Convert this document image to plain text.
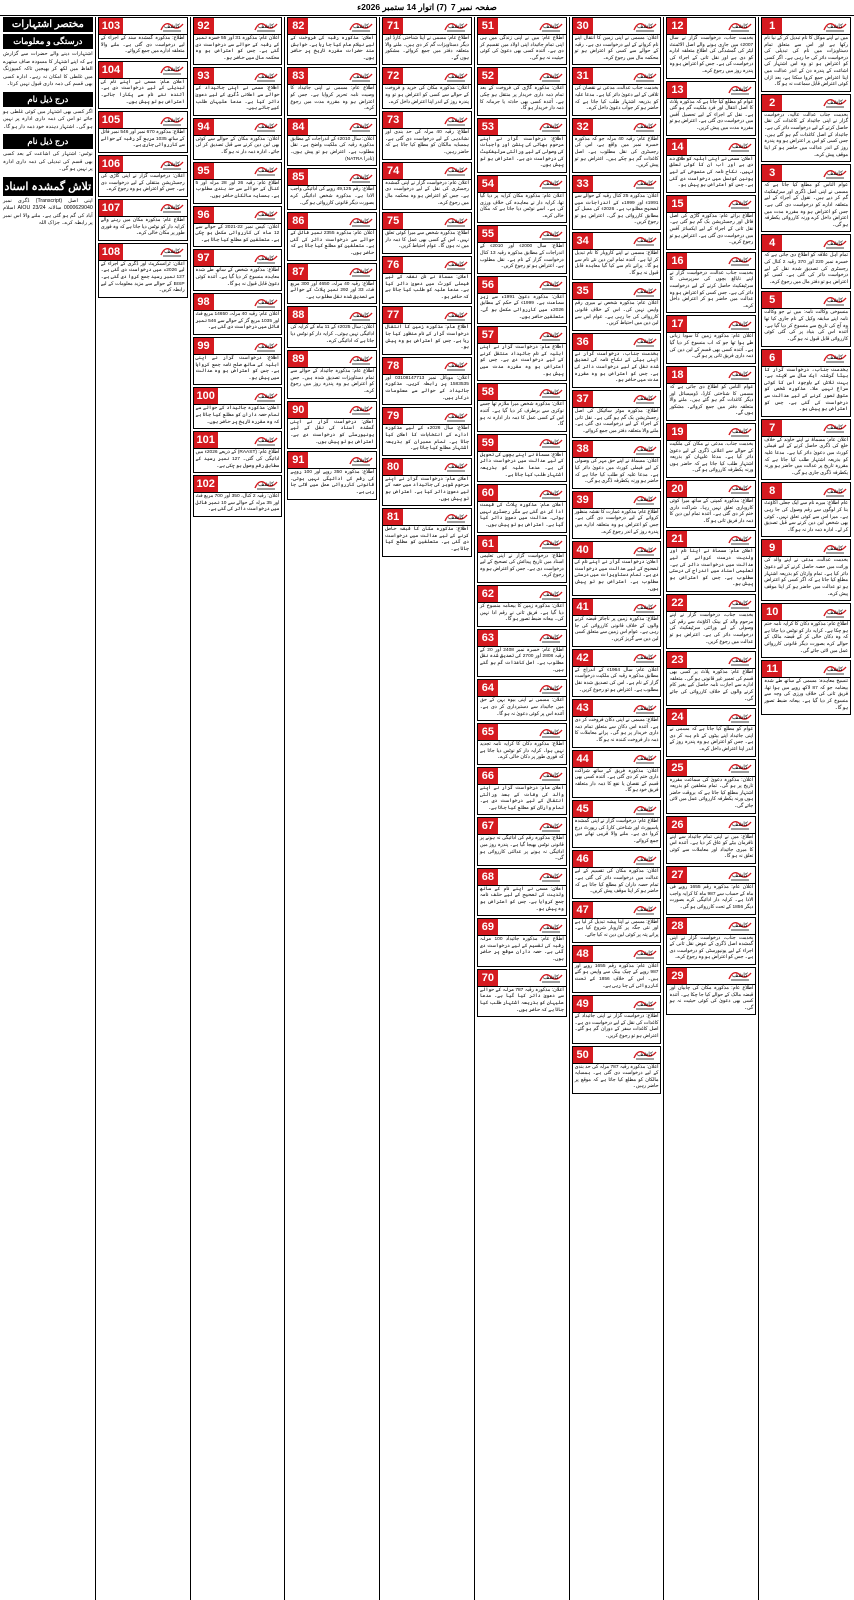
صفحہ نمبر 7
(7) اتوار 14 ستمبر 2026ء
کاشف
1
میں نے اپنے موکل کا نام تبدیل کر کے نیا نام رکھا ہے اور اس سے متعلق تمام دستاویزات میں نام کی تبدیلی کی درخواست دائر کی جا رہی ہے۔ اگر کسی کو اعتراض ہو تو وہ اس اشتہار کی اشاعت کے پندرہ دن کے اندر عدالت میں اپنا اعتراض جمع کروا سکتا ہے، بعد ازاں کوئی اعتراض قابل سماعت نہ ہو گا۔
کاشف
2
بخدمت جناب عدالت عالیہ، درخواست گزار نے اپنی جائیداد کے کاغذات کی نقل حاصل کرنے کے لیے درخواست دائر کی ہے۔ جائیداد کے اصل کاغذات گم ہو گئے ہیں۔ جس کسی کو اس پر اعتراض ہو وہ پندرہ روز کے اندر عدالت میں حاضر ہو کر اپنا موقف پیش کرے۔
کاشف
3
عوام الناس کو مطلع کیا جاتا ہے کہ مسمی نے اپنی اصل ڈگری اور سرٹیفکیٹ گم کر دیے ہیں۔ نقول کے اجراء کے لیے متعلقہ ادارے کو درخواست دی گئی ہے۔ جس کو اعتراض ہو وہ مقررہ مدت میں اعتراض داخل کرے ورنہ کارروائی یکطرفہ ہو گی۔
کاشف
4
تمام اہل علاقہ کو اطلاع دی جاتی ہے کہ خسرہ نمبر 220 اور 370 رقبہ 2 کنال کی رجسٹری کی تصدیق شدہ نقل کے لیے درخواست دائر کی گئی ہے۔ کسی کو اعتراض ہو تو دفتر مال میں رجوع کرے۔
کاشف
5
منسوخی وکالت نامہ: میں نے جو وکالت نامہ اپنے سابقہ وکیل کے نام جاری کیا تھا وہ آج کی تاریخ سے منسوخ کر دیا گیا ہے۔ آئندہ اس کی بنیاد پر کی گئی کوئی کارروائی قابل قبول نہ ہو گی۔
کاشف
6
بخدمت جناب، درخواست گزار کا بیٹا گزشتہ ایک سال سے لاپتہ ہے۔ بہت تلاش کے باوجود اس کا کوئی سراغ نہیں ملا۔ مذکورہ شخص کو متوفی تصور کرنے کے لیے عدالت سے درخواست کی گئی ہے۔ جس کو اعتراض ہو پیش ہو۔
کاشف
7
اعلان عام: مسماۃ نے اپنے خاوند کے خلاف خلع کی ڈگری حاصل کرنے کے لیے فیملی کورٹ میں دعویٰ دائر کیا ہے۔ مدعا علیہ کو بذریعہ اشتہار طلب کیا جاتا ہے کہ مقررہ تاریخ پر عدالت میں حاضر ہو ورنہ یکطرفہ ڈگری جاری ہو گی۔
کاشف
8
عام اطلاع: میرے نام سے ایک جعلی اکاؤنٹ بنا کر لوگوں سے رقم وصول کی جا رہی ہے۔ میرا اس سے کوئی تعلق نہیں۔ کوئی بھی شخص لین دین کرنے سے قبل تصدیق کر لے۔ ادارہ ذمہ دار نہ ہو گا۔
کاشف
9
بخدمت عدالت، مدعی نے اپنے والد کی وراثت میں حصہ حاصل کرنے کے لیے دعویٰ دائر کیا ہے۔ تمام وارثان کو بذریعہ اشتہار مطلع کیا جاتا ہے کہ اگر کسی کو اعتراض ہو تو عدالت میں حاضر ہو کر اپنا موقف پیش کرے۔
کاشف
10
اطلاع عام: مذکورہ دکان کا کرایہ نامہ ختم ہو چکا ہے۔ کرایہ دار کو نوٹس دیا جاتا ہے کہ وہ دکان خالی کر کے قبضہ مالک کے حوالے کرے بصورت دیگر قانونی کارروائی عمل میں لائی جائے گی۔
کاشف
11
تنسیخ معاہدہ: مسمی کے ساتھ طے شدہ بیعنامہ جو کہ 87 لاکھ روپے میں ہوا تھا، فریق ثانی کی خلاف ورزی کی وجہ سے منسوخ کر دیا گیا ہے۔ بیعانہ ضبط تصور ہو گا۔
کاشف
12
بخدمت جناب، درخواست گزار نے سال 2007ء میں جاری ہونے والے اصل الاٹمنٹ لیٹر کی گمشدگی کی اطلاع متعلقہ ادارے کو دی ہے اور نقل ثانی کے اجراء کی درخواست کی ہے۔ جس کو اعتراض ہو وہ پندرہ روز میں رجوع کرے۔
کاشف
13
عوام کو مطلع کیا جاتا ہے کہ مذکورہ پلاٹ کا اصل انتقال اور فرد ملکیت گم ہو گئی ہے۔ نقل کے اجراء کے لیے تحصیل آفس میں درخواست دی گئی ہے۔ اعتراض ہو تو مقررہ مدت میں پیش کریں۔
کاشف
14
اعلان: مسمی نے اپنی اہلیہ کو طلاق دے دی ہے اور اب ان کا کوئی تعلق نہیں۔ نکاح نامہ کی منسوخی کے لیے یونین کونسل میں درخواست دی گئی ہے۔ جس کو اعتراض ہو پیش ہو۔
کاشف
15
اطلاع برائے عام: مذکورہ گاڑی کی اصل فائل اور رجسٹریشن بک گم ہو گئی ہے۔ نقل ثانی کے اجراء کے لیے ایکسائز آفس میں درخواست دی گئی ہے۔ اعتراض ہو تو رجوع کریں۔
کاشف
16
بخدمت جناب عدالت، درخواست گزار نے اپنے نابالغ بچوں کی سرپرستی کا سرٹیفکیٹ حاصل کرنے کے لیے درخواست دائر کی ہے۔ جس کسی کو اعتراض ہو وہ عدالت میں حاضر ہو کر اعتراض داخل کرے۔
کاشف
17
اعلان عام: مذکورہ زمین کا سودا زبانی طے ہوا تھا جو کہ اب منسوخ کر دیا گیا ہے۔ آئندہ کسی بھی قسم کے لین دین کی ذمہ داری فریق ثانی پر ہو گی۔
کاشف
18
عوام الناس کو اطلاع دی جاتی ہے کہ مسمی کا شناختی کارڈ، ڈومیسائل اور دیگر کاغذات گم ہو گئے ہیں۔ ملنے والا متعلقہ دفتر میں جمع کروائے۔ مشکور ہوں گے۔
کاشف
19
بخدمت جناب، مدعی نے مکان کی ملکیت کے حوالے سے اعلانی ڈگری کے لیے دعویٰ دائر کیا ہے۔ مدعا علیہان کو بذریعہ اشتہار طلب کیا جاتا ہے کہ حاضر ہوں ورنہ یکطرفہ کارروائی ہو گی۔
کاشف
20
اطلاع: مذکورہ کمپنی کے ساتھ میرا کوئی کاروباری تعلق نہیں رہا۔ شراکت داری ختم کر دی گئی ہے۔ آئندہ تمام لین دین کا ذمہ دار فریق ثانی ہو گا۔
کاشف
21
اعلان عام: مسماۃ نے اپنا نام اور ولدیت درست کروانے کے لیے عدالت میں درخواست دائر کی ہے۔ تعلیمی اسناد میں اندراج کی درستی مطلوب ہے۔ جس کو اعتراض ہو پیش ہو۔
کاشف
22
بخدمت جناب، درخواست گزار نے اپنے مرحوم والد کے بینک اکاؤنٹ سے رقم کی وصولی کے لیے وراثتی سرٹیفکیٹ کی درخواست دائر کی ہے۔ اعتراض ہو تو عدالت میں رجوع کریں۔
کاشف
23
اطلاع عام: مذکورہ پلاٹ پر کسی بھی قسم کی تعمیر غیر قانونی ہو گی۔ متعلقہ ادارے سے اجازت نامہ حاصل کیے بغیر کام کرنے والوں کے خلاف کارروائی کی جائے گی۔
کاشف
24
عوام کو مطلع کیا جاتا ہے کہ مسمی نے اپنی جائیداد اپنے بیٹوں کے نام ہبہ کر دی ہے۔ جس کو اعتراض ہو وہ پندرہ روز کے اندر اپنا اعتراض داخل کرے۔
کاشف
25
اعلان: مذکورہ دعویٰ کی سماعت مقررہ تاریخ پر ہو گی۔ تمام متعلقین کو بذریعہ اشتہار مطلع کیا جاتا ہے کہ بروقت حاضر ہوں ورنہ یکطرفہ کارروائی عمل میں لائی جائے گی۔
کاشف
26
اطلاع: میں نے اپنی تمام جائیداد سے اپنے نافرمان بیٹے کو عاق کر دیا ہے۔ آئندہ اس کا میری جائیداد اور معاملات سے کوئی تعلق نہ ہو گا۔
کاشف
27
اعلان عام: مذکورہ رقم 1655 روپے فی ماہ کے حساب سے 987 ماہ کا کرایہ واجب الادا ہے۔ کرایہ دار ادائیگی کرے بصورت دیگر 1856 کے تحت کارروائی ہو گی۔
کاشف
28
بخدمت جناب، درخواست گزار نے اپنی گمشدہ اصل ڈگری کے عوض نقل ثانی کے اجراء کے لیے یونیورسٹی کو درخواست دی ہے۔ جس کو اعتراض ہو وہ رجوع کرے۔
کاشف
29
اطلاع عام: مذکورہ مکان کی چابیاں اور قبضہ مالک کے حوالے کیا جا چکا ہے۔ آئندہ کسی بھی دعویٰ کی کوئی حیثیت نہ ہو گی۔
کاشف
30
اعلان: مسمی نے اپنی زمین کا انتقال اپنے نام کروانے کے لیے درخواست دی ہے۔ رقبہ کے حوالے سے کسی کو اعتراض ہو تو محکمہ مال میں رجوع کرے۔
کاشف
31
بخدمت جناب عدالت، مدعی نے نقصان کی تلافی کے لیے دعویٰ دائر کیا ہے۔ مدعا علیہ کو بذریعہ اشتہار طلب کیا جاتا ہے کہ حاضر ہو کر جواب دعویٰ داخل کرے۔
کاشف
32
اطلاع عام: رقبہ 40 مرلہ جو کہ مذکورہ خسرہ نمبر میں واقع ہے، اس کی رجسٹری کی نقل مطلوب ہے۔ اصل کاغذات گم ہو چکے ہیں۔ اعتراض ہو تو پیش کریں۔
کاشف
33
اعلان: مذکورہ 25 کنال رقبہ کے حوالے سے 1991ء اور 1999ء کے اندراجات میں تصحیح مطلوب ہے۔ 2026ء کی مسل کے مطابق کارروائی ہو گی۔ اعتراض ہو تو رجوع کریں۔
کاشف
34
اطلاع: مسمی نے اپنے کاروبار کا نام تبدیل کر لیا ہے۔ آئندہ تمام لین دین نئے نام سے ہو گا۔ پرانے نام سے کیا گیا معاہدہ قابل قبول نہ ہو گا۔
کاشف
35
اعلان عام: مذکورہ شخص نے میری رقم واپس نہیں کی۔ اس کے خلاف قانونی کارروائی کی جا رہی ہے۔ عوام اس سے لین دین میں احتیاط کریں۔
کاشف
36
بخدمت جناب، درخواست گزار نے اپنی بیٹی کے نکاح نامہ کی تصدیق شدہ نقل کے لیے درخواست دائر کی ہے۔ جس کو اعتراض ہو وہ مقررہ مدت میں حاضر ہو۔
کاشف
37
اطلاع: مذکورہ موٹر سائیکل کی اصل رجسٹریشن بک گم ہو گئی ہے۔ نقل ثانی کے اجراء کے لیے درخواست دی گئی ہے۔ ملنے والا متعلقہ دفتر میں جمع کروائے۔
کاشف
38
اعلان: مسماۃ نے اپنے حق مہر کی وصولی کے لیے فیملی کورٹ میں دعویٰ دائر کیا ہے۔ مدعا علیہ کو طلب کیا جاتا ہے کہ حاضر ہو ورنہ یکطرفہ ڈگری ہو گی۔
کاشف
39
اطلاع عام: مذکورہ عمارت کا نقشہ منظور کروانے کے لیے درخواست دی گئی ہے۔ جس کو اعتراض ہو وہ متعلقہ ادارے میں پندرہ روز کے اندر رجوع کرے۔
کاشف
40
اعلان: درخواست گزار نے اپنے نام کی تصحیح کے لیے عدالت میں درخواست دی ہے۔ تمام دستاویزات میں درستی مطلوب ہے۔ اعتراض ہو تو پیش ہوں۔
کاشف
41
اطلاع: مذکورہ زمین پر ناجائز قبضہ کرنے والوں کے خلاف قانونی کارروائی کی جا رہی ہے۔ عوام اس زمین سے متعلق کسی لین دین سے گریز کریں۔
کاشف
42
اعلان عام: سال 1964ء کے اندراج کے مطابق مذکورہ رقبہ کی ملکیت درخواست گزار کے نام ہے۔ اس کی تصدیق شدہ نقل مطلوب ہے۔ اعتراض ہو تو رجوع کریں۔
کاشف
43
اطلاع: مسمی نے اپنی دکان فروخت کر دی ہے۔ آئندہ اس دکان سے متعلق تمام ذمہ داری خریدار پر ہو گی۔ پرانے معاملات کا ذمہ دار فروخت کنندہ نہ ہو گا۔
کاشف
44
اعلان: مذکورہ فریق کے ساتھ شراکت داری ختم کر دی گئی ہے۔ آئندہ کسی بھی قسم کے نقصان یا نفع کا ذمہ دار متعلقہ فریق خود ہو گا۔
کاشف
45
اطلاع عام: درخواست گزار نے اپنی گمشدہ پاسپورٹ اور شناختی کارڈ کی رپورٹ درج کروا دی ہے۔ ملنے والا قریبی تھانے میں جمع کروائے۔
کاشف
46
اعلان: مذکورہ مکان کی تقسیم کے لیے عدالت میں درخواست دائر کی گئی ہے۔ تمام حصہ داران کو مطلع کیا جاتا ہے کہ حاضر ہو کر اپنا موقف پیش کریں۔
کاشف
47
اطلاع: مسمی نے اپنا پیشہ تبدیل کر لیا ہے اور نئی جگہ پر کاروبار شروع کیا ہے۔ پرانے پتہ پر کوئی لین دین نہ کیا جائے۔
کاشف
48
اعلان عام: مذکورہ رقم 1655 روپے اور 987 روپے کے چیک بینک سے واپس ہو گئے ہیں۔ اس کے خلاف 1856 کے تحت کارروائی کی جا رہی ہے۔
کاشف
49
اطلاع: درخواست گزار نے اپنی جائیداد کے کاغذات کی نقل کے لیے درخواست دی ہے۔ اصل کاغذات سفر کے دوران گم ہو گئے۔ اعتراض ہو تو رجوع کریں۔
کاشف
50
اعلان: مذکورہ رقبہ 787 مرلہ کی حد بندی کے لیے درخواست دی گئی ہے۔ ہمسایہ مالکان کو مطلع کیا جاتا ہے کہ موقع پر حاضر رہیں۔
کاشف
51
اطلاع عام: میں نے اپنی زندگی میں ہی اپنی تمام جائیداد اپنی اولاد میں تقسیم کر دی ہے۔ آئندہ کسی بھی دعویٰ کی کوئی حیثیت نہ ہو گی۔
کاشف
52
اعلان: مذکورہ گاڑی کی فروخت کے بعد تمام ذمہ داری خریدار پر منتقل ہو چکی ہے۔ آئندہ کسی بھی حادثہ یا جرمانہ کا ذمہ دار خریدار ہو گا۔
کاشف
53
اطلاع: درخواست گزار نے اپنے مرحوم بھائی کی پنشن اور واجبات کی وصولی کے لیے وراثتی سرٹیفکیٹ کی درخواست دی ہے۔ اعتراض ہو تو پیش ہوں۔
کاشف
54
اعلان عام: مذکورہ مکان کرایہ پر دیا گیا تھا، کرایہ دار نے معاہدہ کی خلاف ورزی کی ہے۔ اسے نوٹس دیا جاتا ہے کہ مکان خالی کرے۔
کاشف
55
اطلاع: سال 2000ء اور 2010ء کے اندراجات کے مطابق مذکورہ رقبہ 13 کنال درخواست گزار کے نام ہے۔ نقل مطلوب ہے۔ اعتراض ہو تو رجوع کریں۔
کاشف
56
اعلان: مذکورہ دعویٰ 1991ء سے زیر سماعت ہے۔ 1999ء کے حکم کے مطابق 2026ء میں کارروائی مکمل ہو گی۔ متعلقین حاضر ہوں۔
کاشف
57
اطلاع عام: درخواست گزار نے اپنی اہلیہ کے نام جائیداد منتقل کرنے کے لیے درخواست دی ہے۔ جس کو اعتراض ہو وہ مقررہ مدت میں پیش ہو۔
کاشف
58
اعلان: مذکورہ شخص میرا ملازم تھا جسے نوکری سے برطرف کر دیا گیا ہے۔ آئندہ اس کے کسی عمل کا ذمہ دار ادارہ نہ ہو گا۔
کاشف
59
اطلاع: مسماۃ نے اپنے بچوں کی تحویل کے لیے عدالت میں درخواست دائر کی ہے۔ مدعا علیہ کو بذریعہ اشتہار طلب کیا جاتا ہے۔
کاشف
60
اعلان عام: مذکورہ پلاٹ کی قیمت ادا کر دی گئی ہے مگر رجسٹری نہیں ہوئی۔ عدالت میں دعویٰ دائر کیا گیا ہے۔ اعتراض ہو تو پیش ہوں۔
کاشف
61
اطلاع: درخواست گزار نے اپنی تعلیمی اسناد میں تاریخ پیدائش کی تصحیح کے لیے درخواست دی ہے۔ جس کو اعتراض ہو وہ رجوع کرے۔
کاشف
62
اعلان: مذکورہ زمین کا بیعنامہ منسوخ کر دیا گیا ہے۔ فریق ثانی نے رقم ادا نہیں کی۔ بیعانہ ضبط تصور ہو گا۔
کاشف
63
اطلاع عام: خسرہ نمبر 2408 اور 20 کے رقبہ 2808 اور 2700 کی تصدیق شدہ نقل مطلوب ہے۔ اصل کاغذات گم ہو گئے ہیں۔
کاشف
64
اعلان: مسمی نے اپنی بیوہ بہن کے حق میں جائیداد سے دستبرداری کر دی ہے۔ آئندہ اس پر کوئی دعویٰ نہ ہو گا۔
کاشف
65
اطلاع: مذکورہ دکان کا کرایہ نامہ تجدید نہیں ہوا۔ کرایہ دار کو نوٹس دیا جاتا ہے کہ فوری طور پر دکان خالی کرے۔
کاشف
66
اعلان عام: درخواست گزار نے اپنے والد کی وفات کے بعد وراثتی انتقال کے لیے درخواست دی ہے۔ تمام وارثان کو مطلع کیا جاتا ہے۔
کاشف
67
اطلاع: مذکورہ رقم کی ادائیگی نہ ہونے پر قانونی نوٹس بھیجا گیا ہے۔ پندرہ روز میں ادائیگی نہ ہونے پر عدالتی کارروائی ہو گی۔
کاشف
68
اعلان: مسمی نے اپنے نام کے ساتھ ولدیت کی تصحیح کے لیے حلف نامہ جمع کروایا ہے۔ جس کو اعتراض ہو وہ پیش ہو۔
کاشف
69
اطلاع عام: مذکورہ جائیداد 100 مرلہ رقبہ کی تقسیم کے لیے درخواست دی گئی ہے۔ حصہ داران موقع پر حاضر ہوں۔
کاشف
70
اعلان: مذکورہ رقبہ 787 مرلہ کے حوالے سے دعویٰ دائر کیا گیا ہے۔ مدعا علیہان کو بذریعہ اشتہار طلب کیا جاتا ہے کہ حاضر ہوں۔
کاشف
71
اطلاع عام: مسمی نے اپنا شناختی کارڈ اور دیگر دستاویزات گم کر دی ہیں۔ ملنے والا متعلقہ دفتر میں جمع کروائے۔ مشکور ہوں گے۔
کاشف
72
اعلان: مذکورہ مکان کی خرید و فروخت کے حوالے سے کسی کو اعتراض ہو تو وہ پندرہ روز کے اندر اپنا اعتراض داخل کرے۔
کاشف
73
اطلاع: رقبہ 40 مرلہ کی حد بندی اور نشاندہی کے لیے درخواست دی گئی ہے۔ ہمسایہ مالکان کو مطلع کیا جاتا ہے کہ حاضر رہیں۔
کاشف
74
اعلان عام: درخواست گزار نے اپنی گمشدہ رجسٹری کی نقل کے لیے درخواست دی ہے۔ جس کو اعتراض ہو وہ محکمہ مال میں رجوع کرے۔
کاشف
75
اطلاع: مذکورہ شخص سے میرا کوئی تعلق نہیں۔ اس کے کسی بھی عمل کا ذمہ دار میں نہ ہوں گا۔ عوام احتیاط کریں۔
کاشف
76
اعلان: مسماۃ نے نان نفقہ کے لیے فیملی کورٹ میں دعویٰ دائر کیا ہے۔ مدعا علیہ کو طلب کیا جاتا ہے کہ حاضر ہو۔
کاشف
77
اطلاع عام: مذکورہ زمین کا انتقال درخواست گزار کے نام منظور کیا جا رہا ہے۔ جس کو اعتراض ہو وہ پیش ہو۔
کاشف
78
اعلان: موبائل نمبر 03108147713 اور 1583535 پر رابطہ کریں۔ مذکورہ جائیداد کے حوالے سے معلومات درکار ہیں۔
کاشف
79
اطلاع: سال 2026ء کے لیے مذکورہ ادارے کے انتخابات کا اعلان کیا جاتا ہے۔ تمام ممبران کو بذریعہ اشتہار مطلع کیا جاتا ہے۔
کاشف
80
اعلان عام: درخواست گزار نے اپنے مرحوم شوہر کی جائیداد میں حصہ کے لیے دعویٰ دائر کیا ہے۔ اعتراض ہو تو پیش ہوں۔
کاشف
81
اطلاع: مذکورہ مکان کا قبضہ حاصل کرنے کے لیے عدالت میں درخواست دی گئی ہے۔ متعلقین کو مطلع کیا جاتا ہے۔
کاشف
82
اعلان: مذکورہ رقبہ کی فروخت کے لیے نیلام عام کیا جا رہا ہے۔ خواہش مند حضرات مقررہ تاریخ پر حاضر ہوں۔
کاشف
83
اطلاع عام: مسمی نے اپنی جائیداد کا وصیت نامہ تحریر کروایا ہے۔ جس کو اعتراض ہو وہ مقررہ مدت میں رجوع کرے۔
کاشف
84
اعلان: سال 2010ء کے اندراجات کے مطابق مذکورہ رقبہ کی ملکیت واضح ہے۔ نقل مطلوب ہے۔ اعتراض ہو تو پیش ہوں۔ (نادرا NATRA)
کاشف
85
اطلاع: رقم 49,125 روپے کی ادائیگی واجب الادا ہے۔ مذکورہ شخص ادائیگی کرے بصورت دیگر قانونی کارروائی ہو گی۔
کاشف
86
اعلان عام: مذکورہ 2355 نمبر فائل کے حوالے سے درخواست دائر کی گئی ہے۔ متعلقین کو مطلع کیا جاتا ہے کہ حاضر ہوں۔
کاشف
87
اطلاع: رقبہ 40 مرلہ، 4650 اور 300 مربع فٹ، 33 اور 292 نمبر پلاٹ کے حوالے سے تصدیق شدہ نقل مطلوب ہے۔
کاشف
88
اعلان: سال 2025ء کے 11 ماہ کے کرایہ کی ادائیگی نہیں ہوئی۔ کرایہ دار کو نوٹس دیا جاتا ہے کہ ادائیگی کرے۔
کاشف
89
اطلاع عام: مذکورہ جائیداد کے حوالے سے تمام دستاویزات تصدیق شدہ ہیں۔ جس کو اعتراض ہو وہ پندرہ روز میں رجوع کرے۔
کاشف
90
اعلان: درخواست گزار نے اپنی گمشدہ اسناد کی نقل کے لیے یونیورسٹی کو درخواست دی ہے۔ اعتراض ہو تو پیش ہوں۔
کاشف
91
اطلاع: مذکورہ 350 روپے اور 100 روپے کی رقم کی ادائیگی نہیں ہوئی۔ قانونی کارروائی عمل میں لائی جا رہی ہے۔
کاشف
92
اعلان عام: مذکورہ 31 اور 55 خسرہ نمبر کے رقبہ کے حوالے سے درخواست دی گئی ہے۔ جس کو اعتراض ہو وہ محکمہ مال میں حاضر ہو۔
کاشف
93
اطلاع: مسمی نے اپنی جائیداد کے حوالے سے اعلانی ڈگری کے لیے دعویٰ دائر کیا ہے۔ مدعا علیہان طلب کیے جاتے ہیں۔
کاشف
94
اعلان: مذکورہ مکان کے حوالے سے کوئی بھی لین دین کرنے سے قبل تصدیق کر لی جائے۔ ادارہ ذمہ دار نہ ہو گا۔
کاشف
95
اطلاع عام: رقبہ 26 اور 28 مرلہ اور 5 کنال کے حوالے سے حد بندی مطلوب ہے۔ ہمسایہ مالکان حاضر ہوں۔
کاشف
96
اعلان: کیس نمبر 22-2021 کے حوالے سے 12 ماہ کی کارروائی مکمل ہو چکی ہے۔ متعلقین کو مطلع کیا جاتا ہے۔
کاشف
97
اطلاع: مذکورہ شخص کے ساتھ طے شدہ معاہدہ منسوخ کر دیا گیا ہے۔ آئندہ کوئی دعویٰ قابل قبول نہ ہو گا۔
کاشف
98
اعلان عام: رقبہ 40 مرلہ، 14650 مربع فٹ اور 1035 مربع گز کے حوالے سے 546 نمبر فائل میں درخواست دی گئی ہے۔
کاشف
99
اطلاع: درخواست گزار نے اپنی اہلیہ کے ساتھ صلح نامہ جمع کروایا ہے۔ جس کو اعتراض ہو وہ عدالت میں پیش ہو۔
کاشف
100
اعلان: مذکورہ جائیداد کے حوالے سے تمام حصہ داران کو مطلع کیا جاتا ہے کہ وہ مقررہ تاریخ پر حاضر ہوں۔
کاشف
101
اطلاع عام: (RAAST) کے ذریعے 2026ء میں ادائیگی کی گئی۔ 127 نمبر رسید کے مطابق رقم وصول ہو چکی ہے۔
کاشف
102
اعلان: رقبہ 2 کنال، 350 اور 700 مربع فٹ اور 35 مرلہ کے حوالے سے 10 نمبر فائل میں درخواست دائر کی گئی ہے۔
کاشف
103
اطلاع: مذکورہ گمشدہ سند کے اجراء کے لیے درخواست دی گئی ہے۔ ملنے والا متعلقہ ادارے میں جمع کروائے۔
کاشف
104
اعلان عام: مسمی نے اپنے نام کی تبدیلی کے لیے درخواست دی ہے۔ آئندہ نئے نام سے پکارا جائے۔ اعتراض ہو تو پیش ہوں۔
کاشف
105
اطلاع: مذکورہ 670 نمبر اور 546 نمبر فائل کے ساتھ 1035 مربع گز رقبہ کے حوالے سے کارروائی جاری ہے۔
کاشف
106
اعلان: درخواست گزار نے اپنی گاڑی کی رجسٹریشن منتقلی کے لیے درخواست دی ہے۔ جس کو اعتراض ہو وہ رجوع کرے۔
کاشف
107
اطلاع عام: مذکورہ مکان میں رہنے والے کرایہ دار کو نوٹس دیا جاتا ہے کہ وہ فوری طور پر مکان خالی کرے۔
کاشف
108
اعلان: ٹرانسکرپٹ اور ڈگری کے اجراء کے لیے 2026ء میں درخواست دی گئی ہے۔ 127 نمبر رسید جمع کروا دی گئی ہے۔ BISP کے حوالے سے مزید معلومات کے لیے رابطہ کریں۔
مختصر اشتہارات
درستگی و معلومات
اشتہارات دینے والے حضرات سے گزارش ہے کہ اپنے اشتہار کا مسودہ صاف ستھرے الفاظ میں لکھ کر بھیجیں تاکہ کمپوزنگ میں غلطی کا امکان نہ رہے۔ ادارہ کسی بھی قسم کی ذمہ داری قبول نہیں کرتا۔
درج ذیل نام
اگر کسی بھی اشتہار میں کوئی غلطی ہو جائے تو اس کی ذمہ داری ادارہ پر نہیں ہو گی۔ اشتہار دہندہ خود ذمہ دار ہو گا۔
درج ذیل نام
نوٹس: اشتہار کی اشاعت کے بعد کسی بھی قسم کی تبدیلی کی ذمہ داری ادارہ پر نہیں ہو گی۔
تلاش گمشدہ اسناد
اپنی اصل (Transcript) ڈگری نمبر 0000629040 سالانہ 23/24 AIOU اسلام آباد کی گم ہو گئی ہے۔ ملنے والا اس نمبر پر رابطہ کرے۔ جزاک اللہ
